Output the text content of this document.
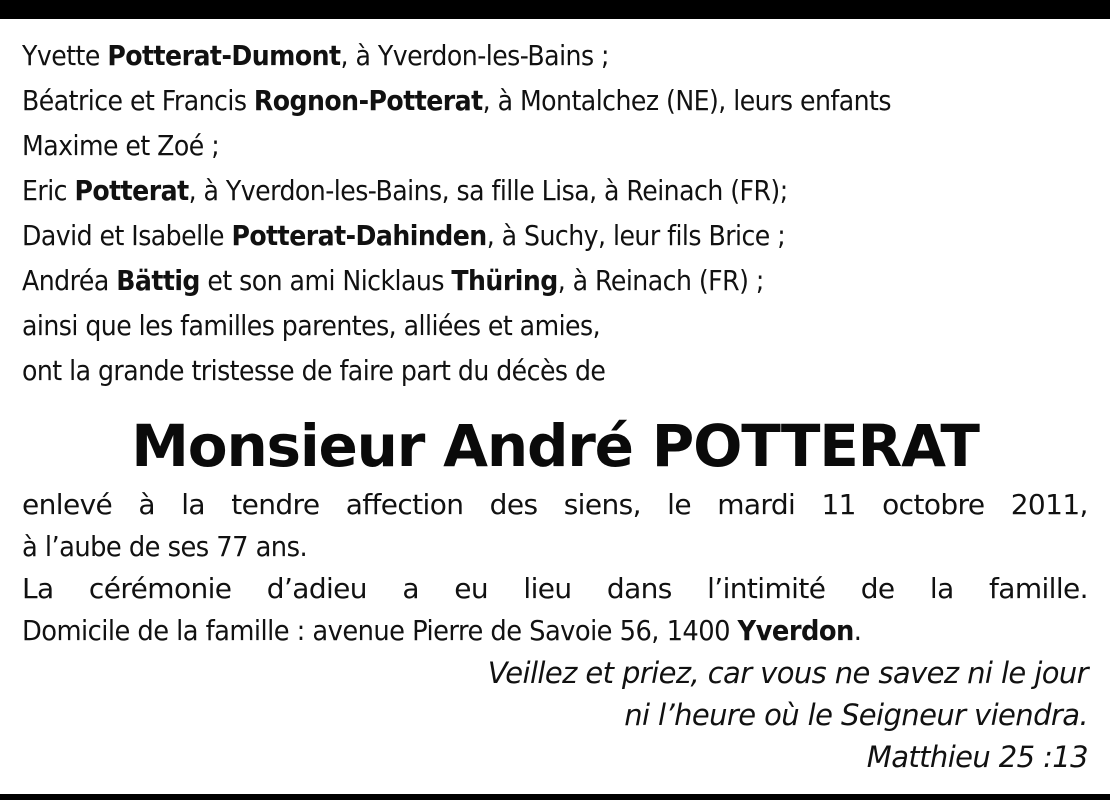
Yvette Potterat-Dumont, à Yverdon-les-Bains ;
Béatrice et Francis Rognon-Potterat, à Montalchez (NE), leurs enfants
Maxime et Zoé ;
Eric Potterat, à Yverdon-les-Bains, sa fille Lisa, à Reinach (FR);
David et Isabelle Potterat-Dahinden, à Suchy, leur fils Brice ;
Andréa Bättig et son ami Nicklaus Thüring, à Reinach (FR) ;
ainsi que les familles parentes, alliées et amies,
ont la grande tristesse de faire part du décès de
Monsieur André POTTERAT
enlevé à la tendre affection des siens, le mardi 11 octobre 2011,
à l’aube de ses 77 ans.
La cérémonie d’adieu a eu lieu dans l’intimité de la famille.
Domicile de la famille : avenue Pierre de Savoie 56, 1400 Yverdon.
Veillez et priez, car vous ne savez ni le jour
ni l’heure où le Seigneur viendra.
Matthieu 25 :13
